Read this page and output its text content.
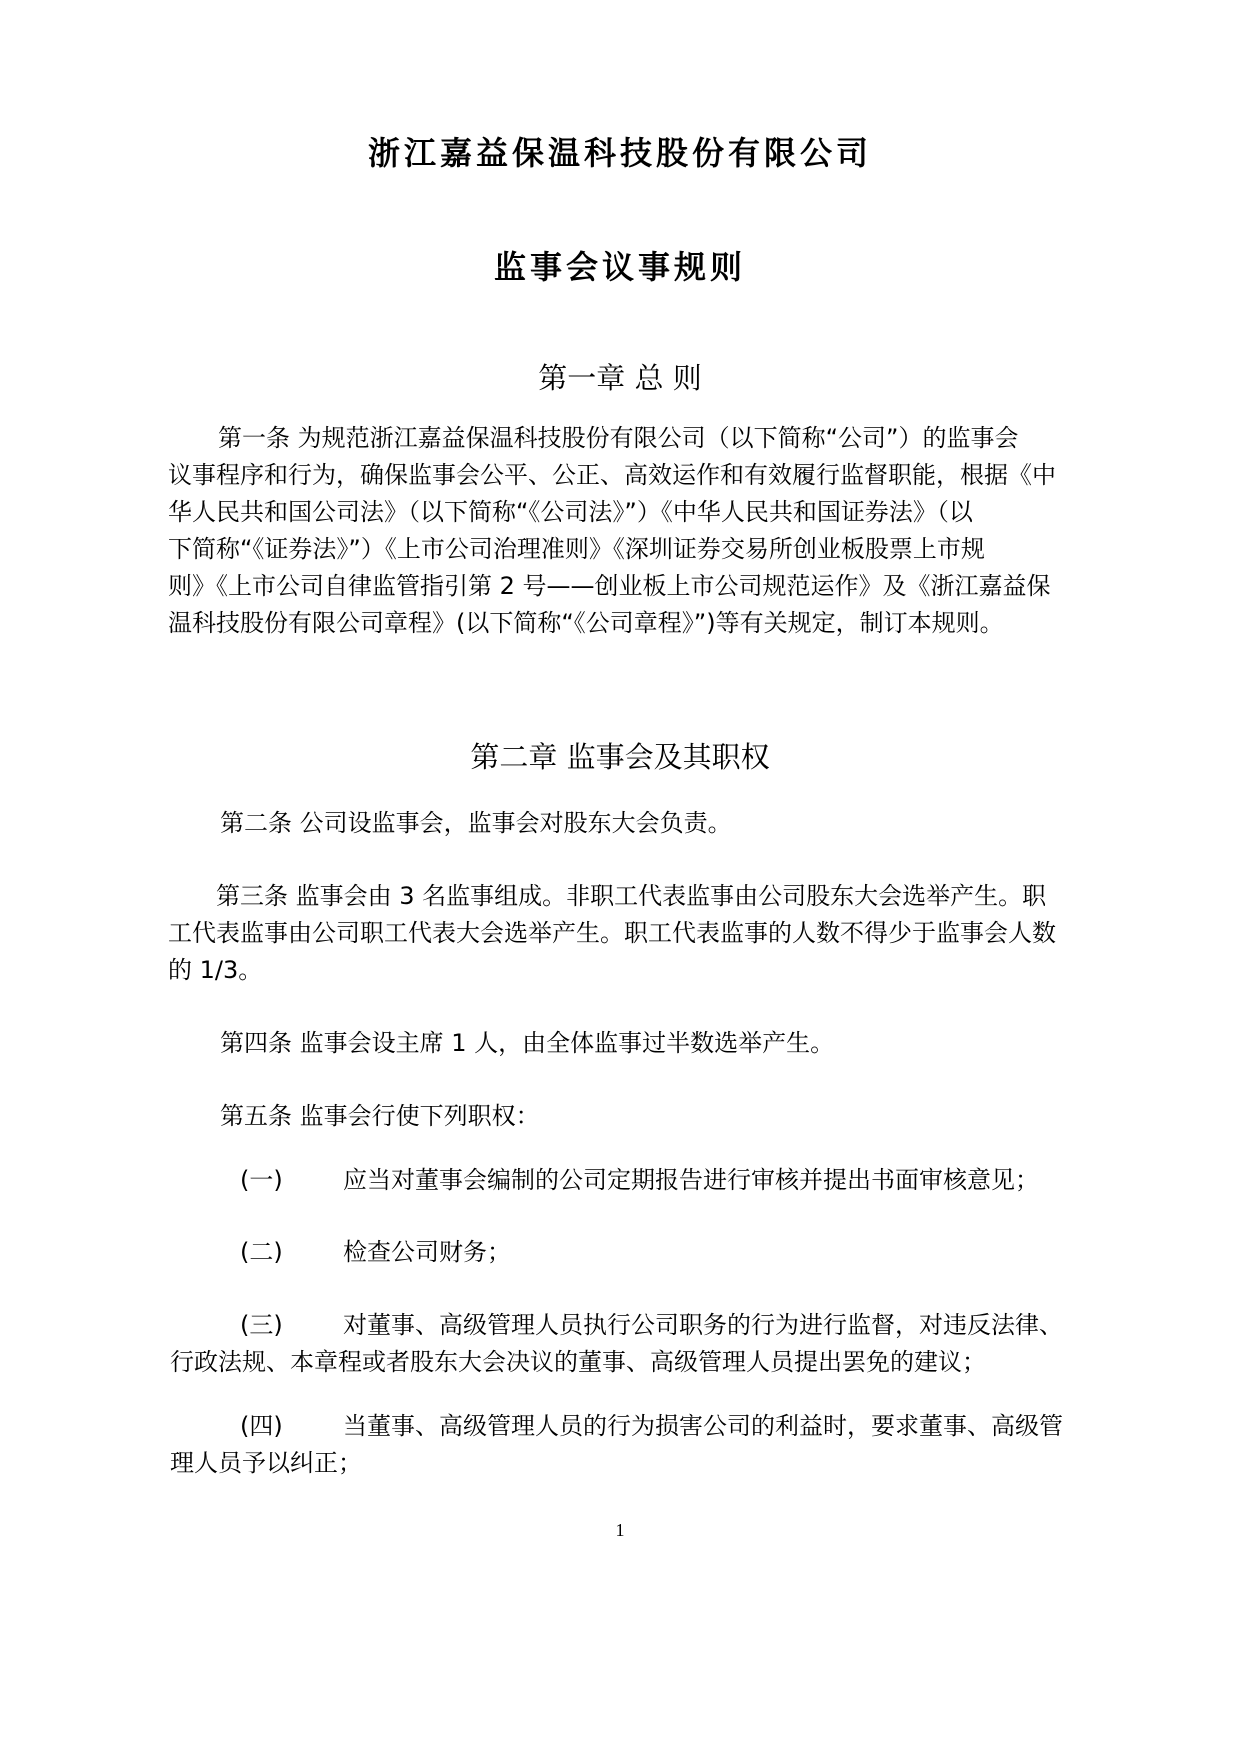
浙江嘉益保温科技股份有限公司
监事会议事规则
第一章 总 则
第一条 为规范浙江嘉益保温科技股份有限公司（以下简称“公司”）的监事会
议事程序和行为，确保监事会公平、公正、高效运作和有效履行监督职能，根据《中
华人民共和国公司法》（以下简称“《公司法》”）《中华人民共和国证券法》（以
下简称“《证券法》”）《上市公司治理准则》《深圳证券交易所创业板股票上市规
则》《上市公司自律监管指引第 2 号——创业板上市公司规范运作》及《浙江嘉益保
温科技股份有限公司章程》(以下简称“《公司章程》”)等有关规定，制订本规则。
第二章 监事会及其职权
第二条 公司设监事会，监事会对股东大会负责。
第三条 监事会由 3 名监事组成。非职工代表监事由公司股东大会选举产生。职
工代表监事由公司职工代表大会选举产生。职工代表监事的人数不得少于监事会人数
的 1/3。
第四条 监事会设主席 1 人，由全体监事过半数选举产生。
第五条 监事会行使下列职权：
(一)	应当对董事会编制的公司定期报告进行审核并提出书面审核意见；
(二)	检查公司财务；
(三)	对董事、高级管理人员执行公司职务的行为进行监督，对违反法律、
行政法规、本章程或者股东大会决议的董事、高级管理人员提出罢免的建议；
(四)	当董事、高级管理人员的行为损害公司的利益时，要求董事、高级管
理人员予以纠正；
1
